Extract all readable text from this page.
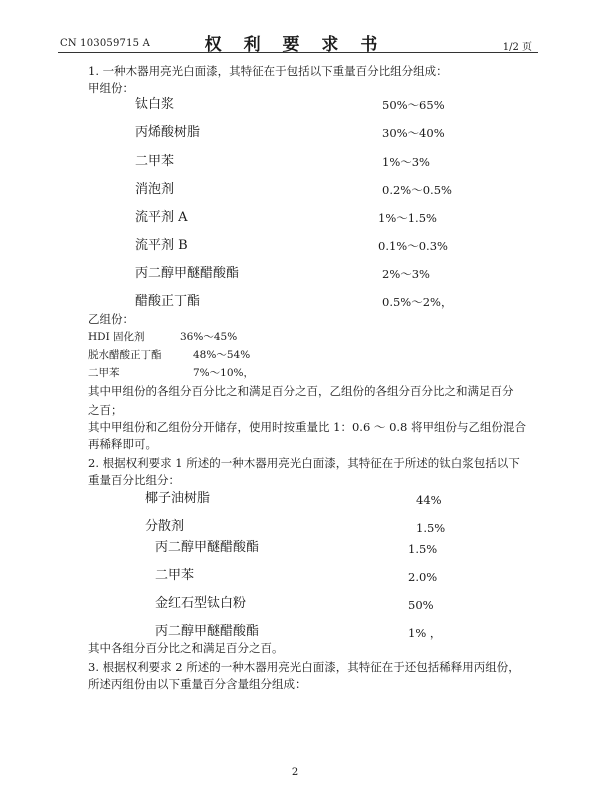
CN 103059715 A	权 利 要 求 书	1/2 页
1. 一种木器用亮光白面漆，其特征在于包括以下重量百分比组分组成：
甲组份：
钛白浆	50%～65%
丙烯酸树脂	30%～40%
二甲苯	1%～3%
消泡剂	0.2%～0.5%
流平剂 A	1%～1.5%
流平剂 B	0.1%～0.3%
丙二醇甲醚醋酸酯	2%～3%
醋酸正丁酯	0.5%～2%，
乙组份：
HDI 固化剂	36%～45%
脱水醋酸正丁酯	48%～54%
二甲苯	7%～10%，
其中甲组份的各组分百分比之和满足百分之百，乙组份的各组分百分比之和满足百分
之百；
其中甲组份和乙组份分开储存，使用时按重量比 1：0.6 ～ 0.8 将甲组份与乙组份混合
再稀释即可。
2. 根据权利要求 1 所述的一种木器用亮光白面漆，其特征在于所述的钛白浆包括以下
重量百分比组分：
椰子油树脂	44%
分散剂	1.5%
丙二醇甲醚醋酸酯	1.5%
二甲苯	2.0%
金红石型钛白粉	50%
丙二醇甲醚醋酸酯	1% ，
其中各组分百分比之和满足百分之百。
3. 根据权利要求 2 所述的一种木器用亮光白面漆，其特征在于还包括稀释用丙组份，
所述丙组份由以下重量百分含量组分组成：
2
